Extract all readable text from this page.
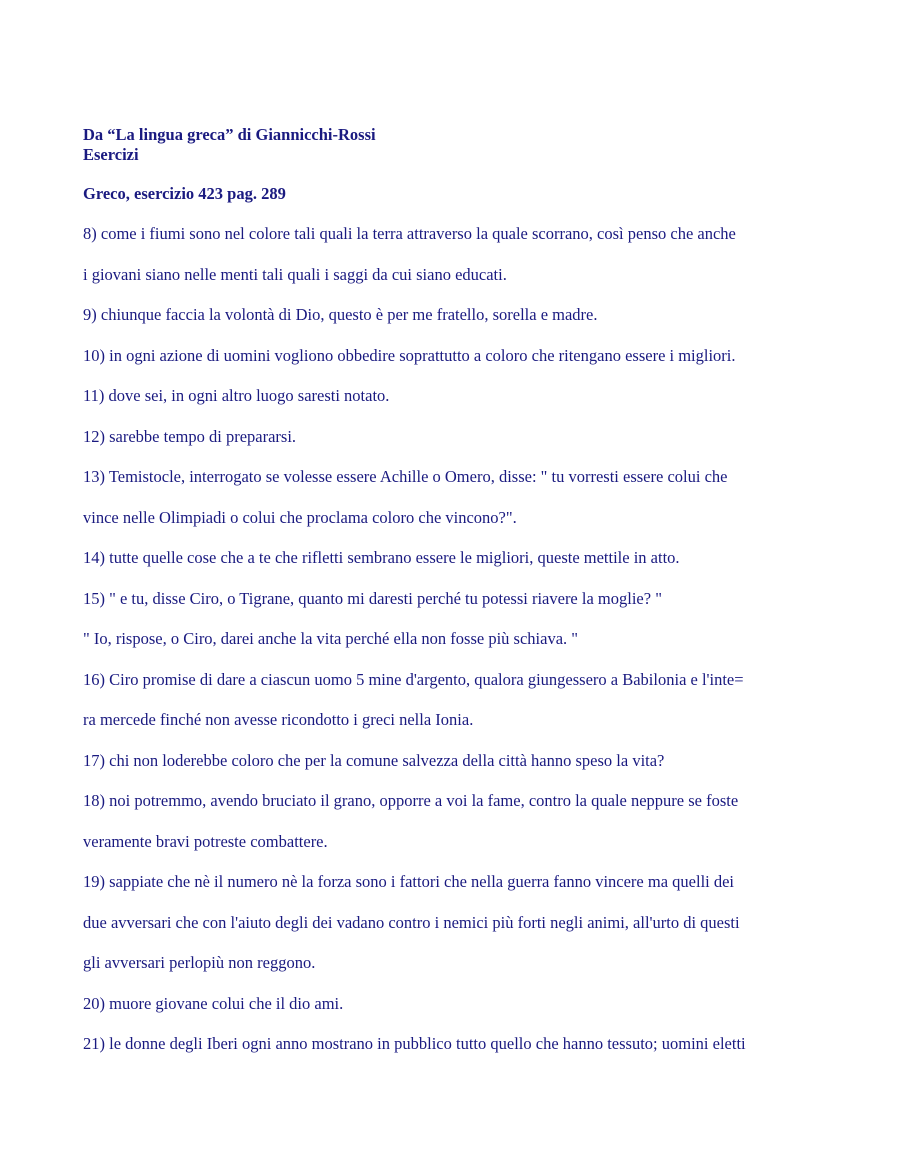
Da “La lingua greca” di Giannicchi-Rossi

Esercizi

Greco, esercizio 423 pag. 289

8) come i fiumi sono nel colore tali quali la terra attraverso la quale scorrano, così penso che anche

i giovani siano nelle menti tali quali i saggi da cui siano educati.

9) chiunque faccia la volontà di Dio, questo è per me fratello, sorella e madre.

10) in ogni azione di uomini vogliono obbedire soprattutto a coloro che ritengano essere i migliori.

11) dove sei, in ogni altro luogo saresti notato.

12) sarebbe tempo di prepararsi.

13) Temistocle, interrogato se volesse essere Achille o Omero, disse: " tu vorresti essere colui che

vince nelle Olimpiadi o colui che proclama coloro che vincono?".

14) tutte quelle cose che a te che rifletti sembrano essere le migliori, queste mettile in atto.

15) " e tu, disse Ciro, o Tigrane, quanto mi daresti perché tu potessi riavere la moglie? "

" Io, rispose, o Ciro, darei anche la vita perché ella non fosse più schiava. "

16) Ciro promise di dare a ciascun uomo 5 mine d'argento, qualora giungessero a Babilonia e l'inte=

ra mercede finché non avesse ricondotto i greci nella Ionia.

17) chi non loderebbe coloro che per la comune salvezza della città hanno speso la vita?

18) noi potremmo, avendo bruciato il grano, opporre a voi la fame, contro la quale neppure se foste

veramente bravi potreste combattere.

19) sappiate che nè il numero nè la forza sono i fattori che nella guerra fanno vincere ma quelli dei

due avversari che con l'aiuto degli dei vadano contro i nemici più forti negli animi, all'urto di questi

gli avversari perlopiù non reggono.

20) muore giovane colui che il dio ami.

21) le donne degli Iberi ogni anno mostrano in pubblico tutto quello che hanno tessuto; uomini eletti
